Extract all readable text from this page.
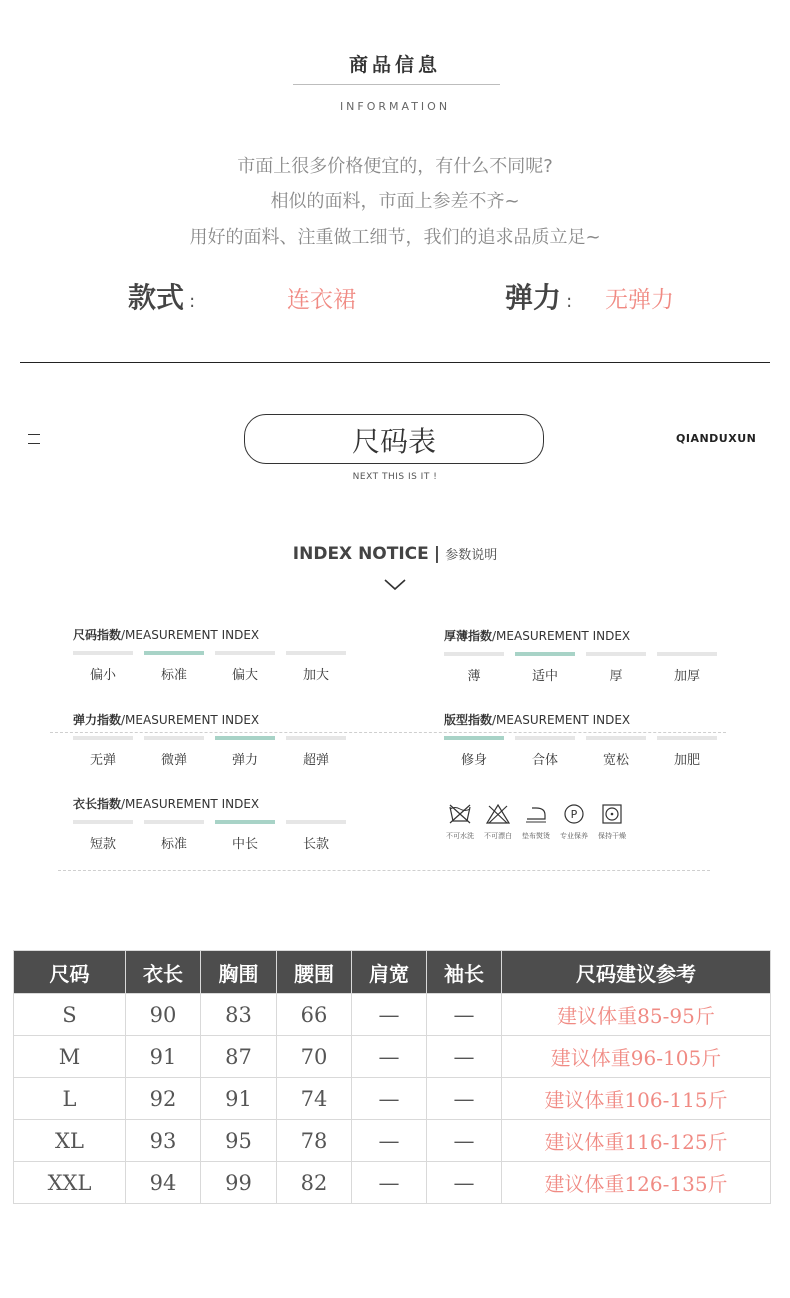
商品信息
INFORMATION
市面上很多价格便宜的，有什么不同呢?
相似的面料，市面上参差不齐~
用好的面料、注重做工细节，我们的追求品质立足~
款式 :	连衣裙	弹力 : 无弹力
尺码表
NEXT THIS IS IT !
QIANDUXUN
INDEX NOTICE | 参数说明
尺码指数/MEASUREMENT INDEX
偏小	标准	偏大	加大
厚薄指数/MEASUREMENT INDEX
薄	适中	厚	加厚
弹力指数/MEASUREMENT INDEX
无弹	微弹	弹力	超弹
版型指数/MEASUREMENT INDEX
修身	合体	宽松	加肥
衣长指数/MEASUREMENT INDEX
短款	标准	中长	长款
不可水洗	不可漂白	垫布熨烫
P
专业保养	保持干燥
尺码	衣长	胸围	腰围	肩宽	袖长	尺码建议参考
S	90	83	66	—	—	建议体重85-95斤
M	91	87	70	—	—	建议体重96-105斤
L	92	91	74	—	—	建议体重106-115斤
XL	93	95	78	—	—	建议体重116-125斤
XXL	94	99	82	—	—	建议体重126-135斤
